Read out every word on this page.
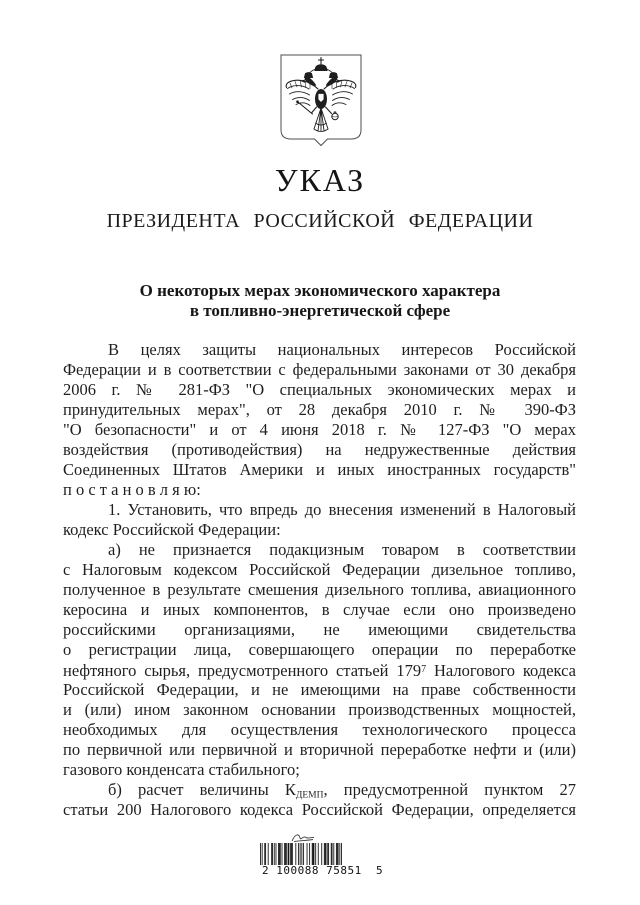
УКАЗ
ПРЕЗИДЕНТА РОССИЙСКОЙ ФЕДЕРАЦИИ
О некоторых мерах экономического характера
в топливно-энергетической сфере
В целях защиты национальных интересов Российской
Федерации и в соответствии с федеральными законами от 30 декабря
2006 г. № 281-ФЗ "О специальных экономических мерах и
принудительных мерах", от 28 декабря 2010 г. № 390-ФЗ
"О безопасности" и от 4 июня 2018 г. № 127-ФЗ "О мерах
воздействия (противодействия) на недружественные действия
Соединенных Штатов Америки и иных иностранных государств"
п о с т а н о в л я ю:
1. Установить, что впредь до внесения изменений в Налоговый
кодекс Российской Федерации:
а) не признается подакцизным товаром в соответствии
с Налоговым кодексом Российской Федерации дизельное топливо,
полученное в результате смешения дизельного топлива, авиационного
керосина и иных компонентов, в случае если оно произведено
российскими организациями, не имеющими свидетельства
о регистрации лица, совершающего операции по переработке
нефтяного сырья, предусмотренного статьей $179^7$ Налогового кодекса
Российской Федерации, и не имеющими на праве собственности
и (или) ином законном основании производственных мощностей,
необходимых для осуществления технологического процесса
по первичной или первичной и вторичной переработке нефти и (или)
газового конденсата стабильного;
б) расчет величины $К_{ДЕМП}$, предусмотренной пунктом 27
статьи 200 Налогового кодекса Российской Федерации, определяется
2 100088 75851  5
